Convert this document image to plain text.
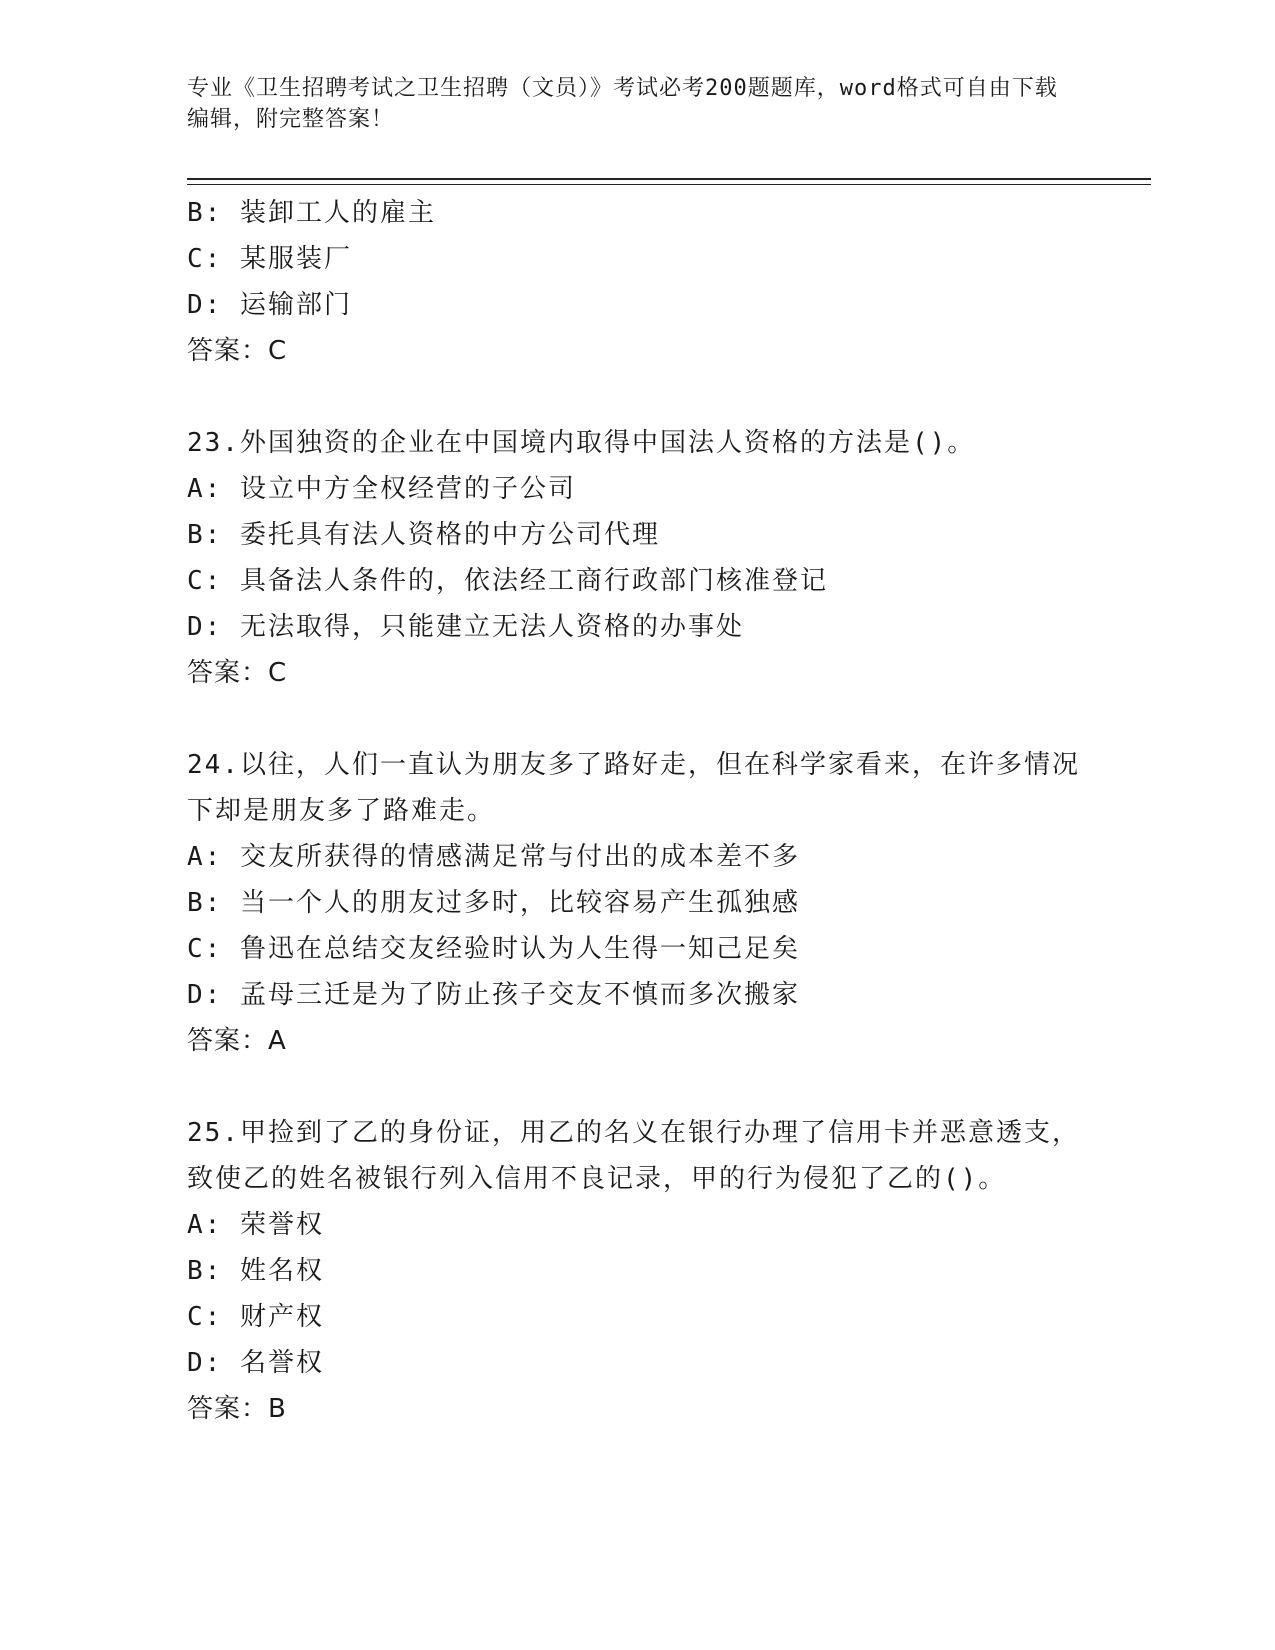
专业《卫生招聘考试之卫生招聘（文员）》考试必考200题题库，word格式可自由下载编辑，附完整答案！

B: 装卸工人的雇主

C: 某服装厂

D: 运输部门

答案：C

23.外国独资的企业在中国境内取得中国法人资格的方法是()。

A: 设立中方全权经营的子公司

B: 委托具有法人资格的中方公司代理

C: 具备法人条件的，依法经工商行政部门核准登记

D: 无法取得，只能建立无法人资格的办事处

答案：C

24.以往，人们一直认为朋友多了路好走，但在科学家看来，在许多情况下却是朋友多了路难走。

A: 交友所获得的情感满足常与付出的成本差不多

B: 当一个人的朋友过多时，比较容易产生孤独感

C: 鲁迅在总结交友经验时认为人生得一知己足矣

D: 孟母三迁是为了防止孩子交友不慎而多次搬家

答案：A

25.甲捡到了乙的身份证，用乙的名义在银行办理了信用卡并恶意透支，致使乙的姓名被银行列入信用不良记录，甲的行为侵犯了乙的()。

A: 荣誉权

B: 姓名权

C: 财产权

D: 名誉权

答案：B
